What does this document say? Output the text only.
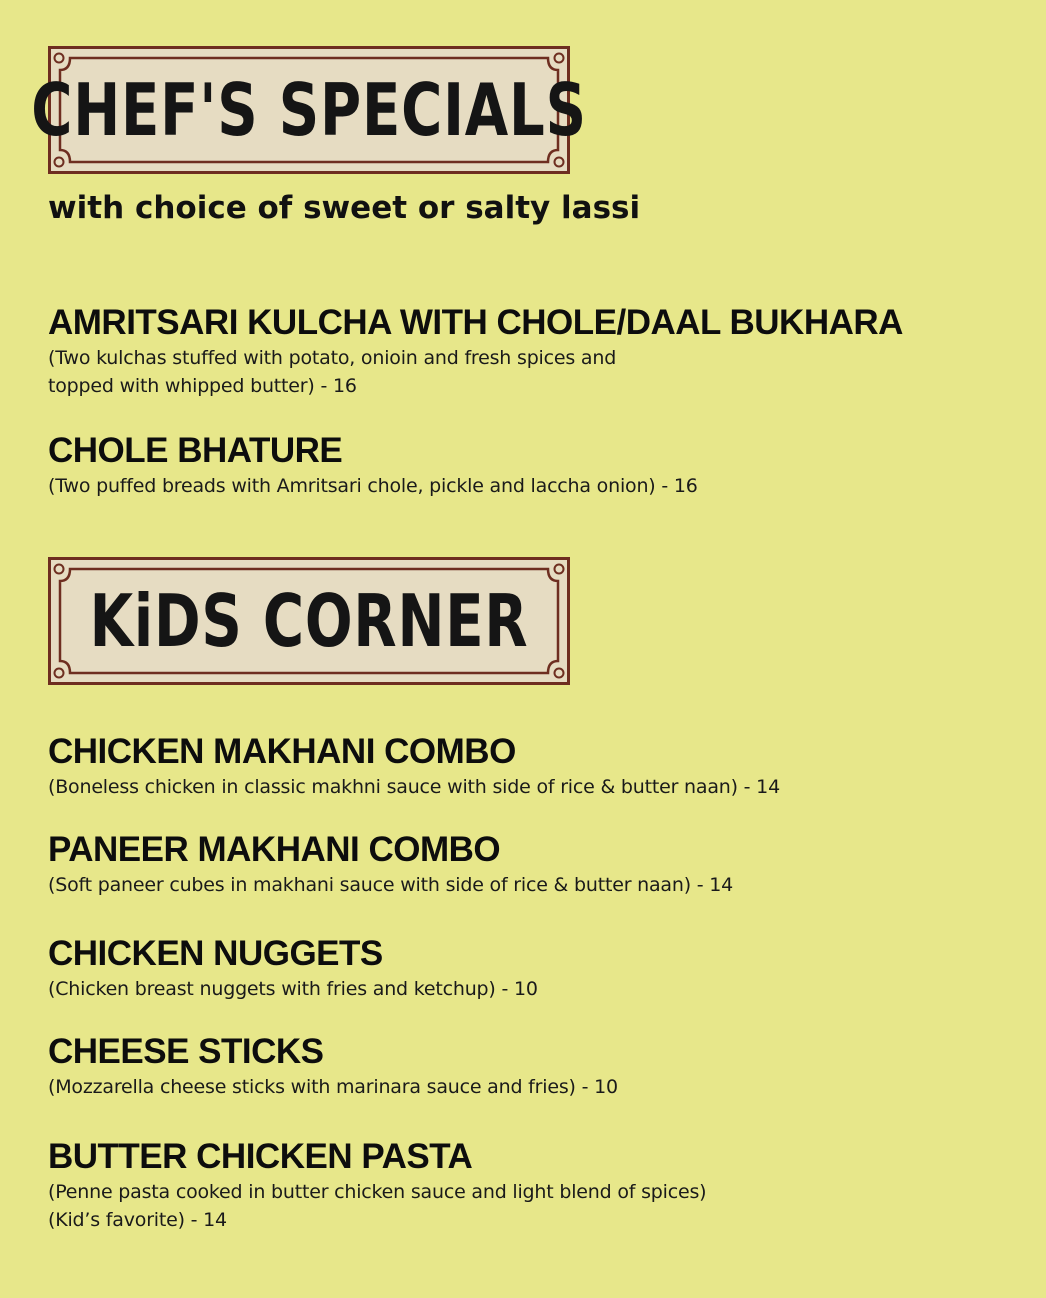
CHEF'S SPECIALS
with choice of sweet or salty lassi
AMRITSARI KULCHA WITH CHOLE/DAAL BUKHARA
(Two kulchas stuffed with potato, onioin and fresh spices and
topped with whipped butter) - 16
CHOLE BHATURE
(Two puffed breads with Amritsari chole, pickle and laccha onion) - 16
KiDS CORNER
CHICKEN MAKHANI COMBO
(Boneless chicken in classic makhni sauce with side of rice & butter naan) - 14
PANEER MAKHANI COMBO
(Soft paneer cubes in makhani sauce with side of rice & butter naan) - 14
CHICKEN NUGGETS
(Chicken breast nuggets with fries and ketchup) - 10
CHEESE STICKS
(Mozzarella cheese sticks with marinara sauce and fries) - 10
BUTTER CHICKEN PASTA
(Penne pasta cooked in butter chicken sauce and light blend of spices)
(Kid’s favorite) - 14
